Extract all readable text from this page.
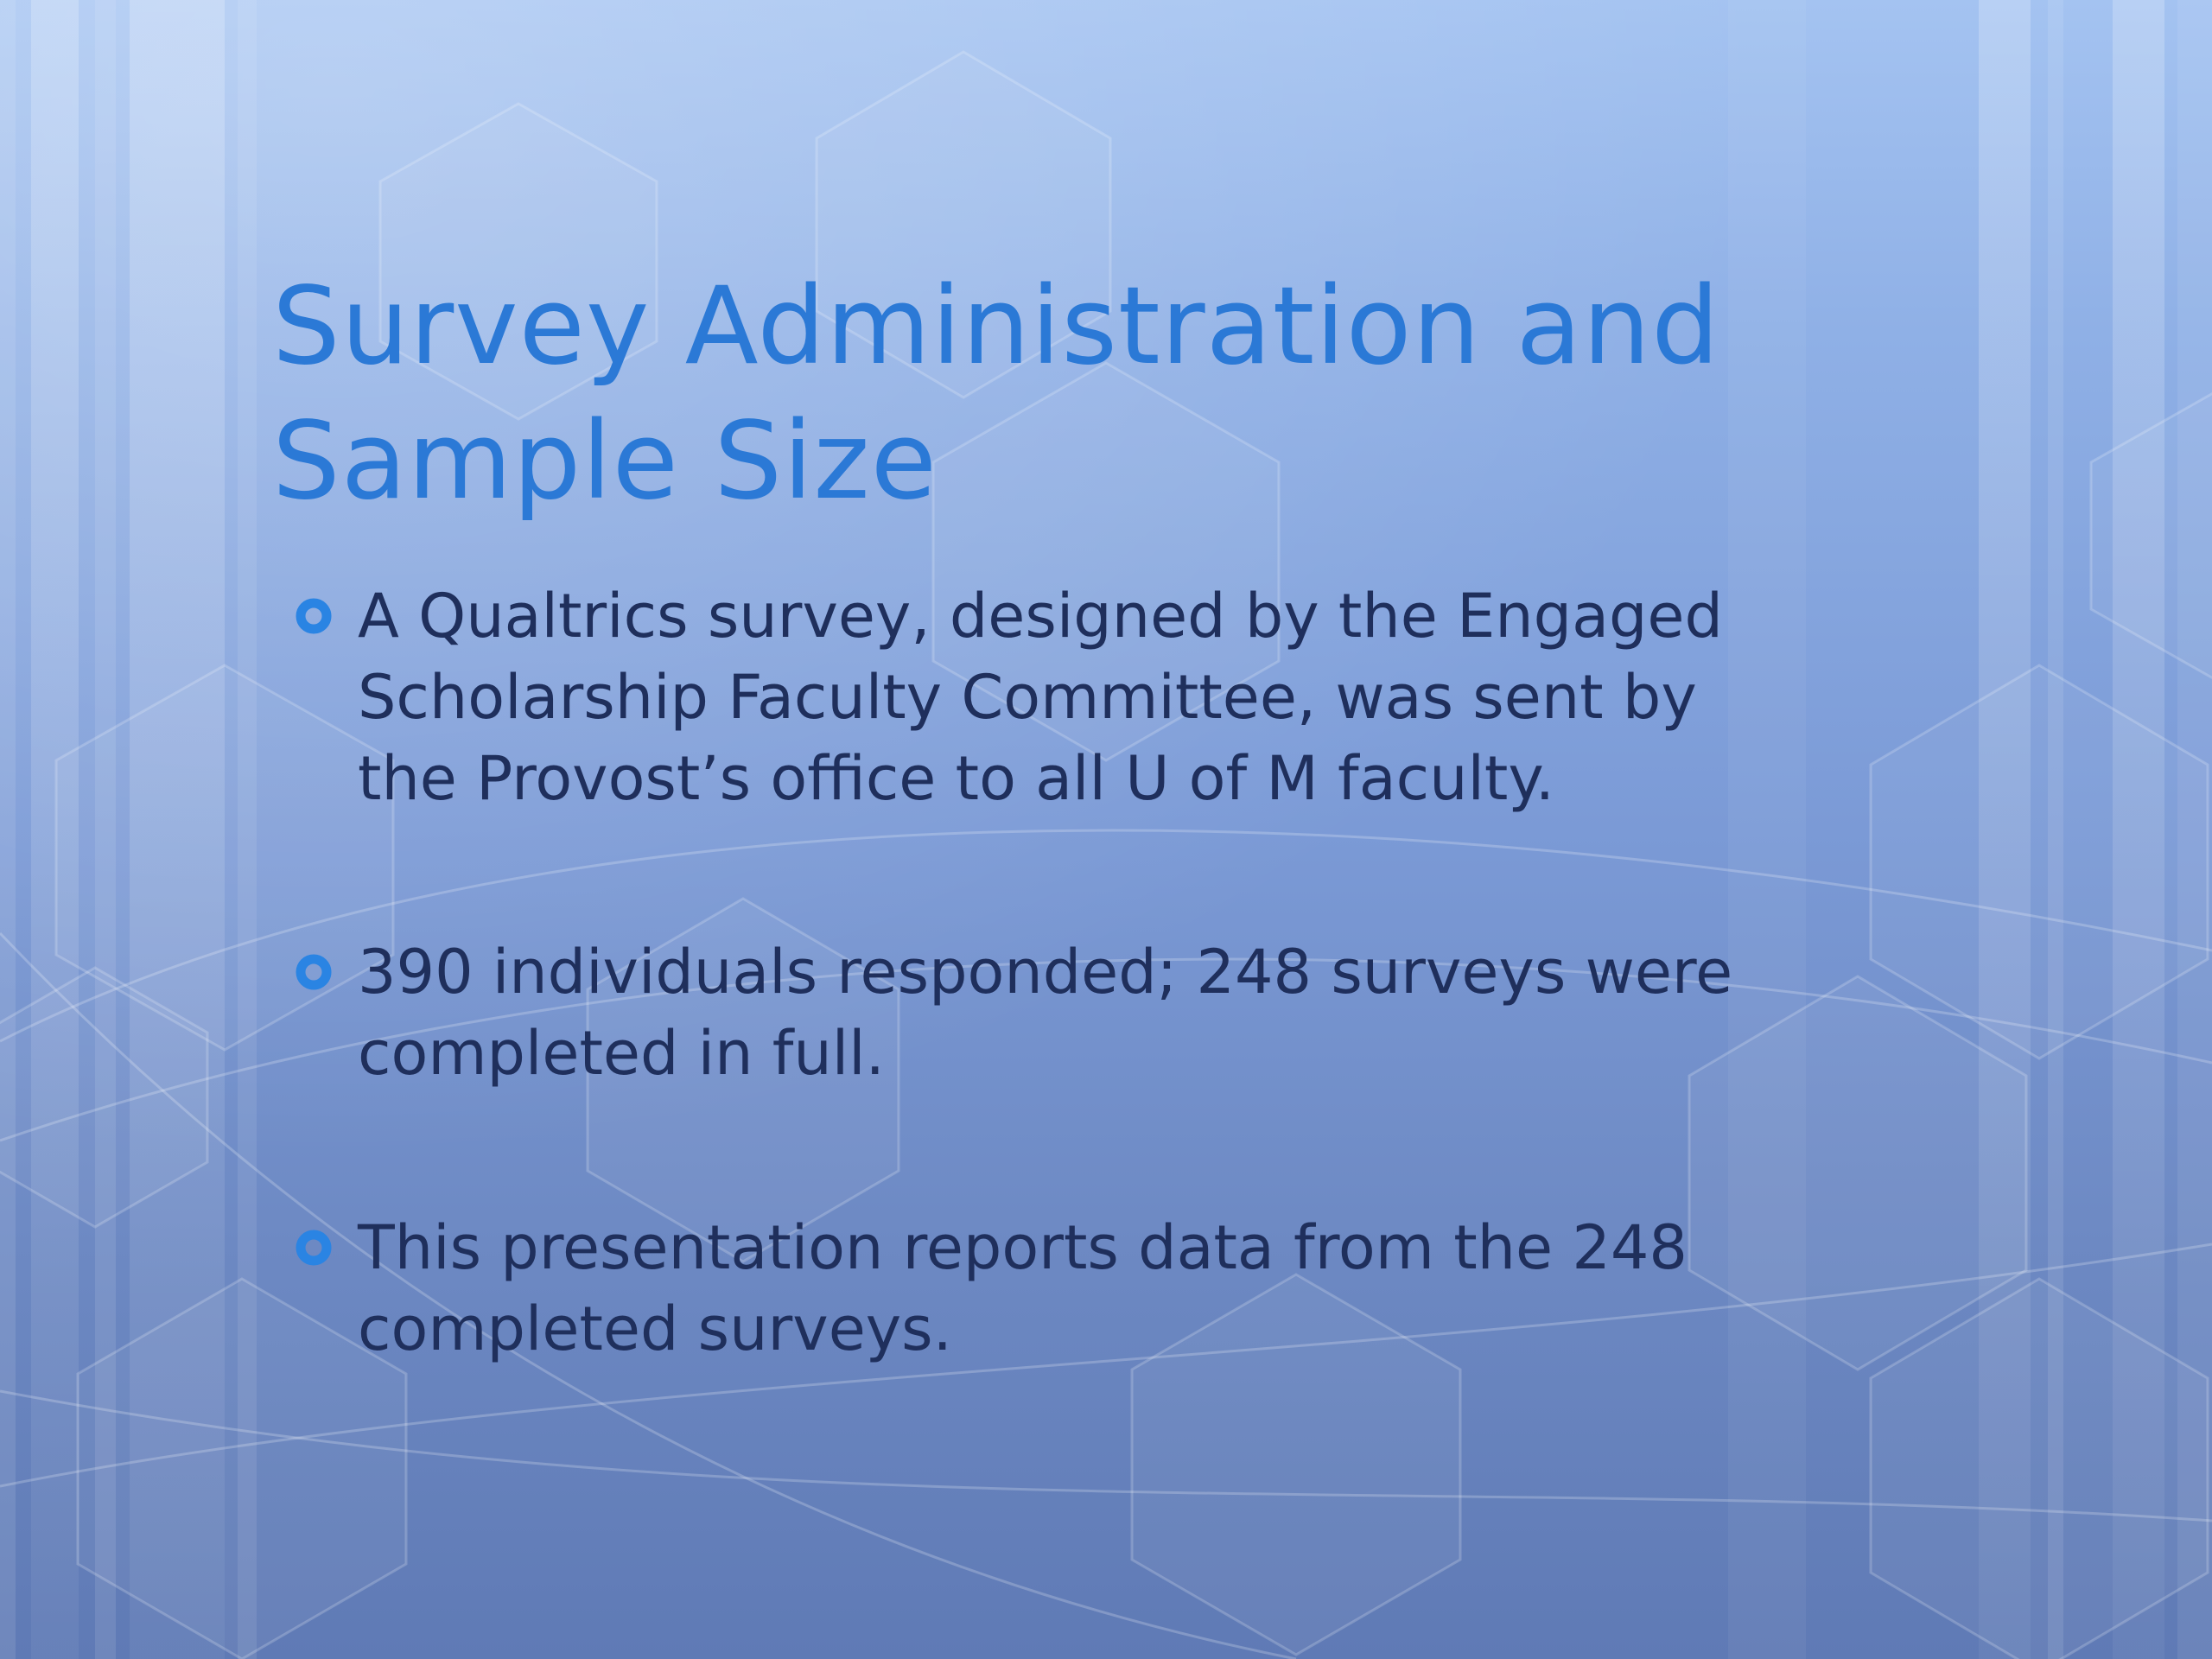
Survey Administration and
Sample Size
A Qualtrics survey, designed by the Engaged
Scholarship Faculty Committee, was sent by
the Provost’s office to all U of M faculty.
390 individuals responded; 248 surveys were
completed in full.
This presentation reports data from the 248
completed surveys.
